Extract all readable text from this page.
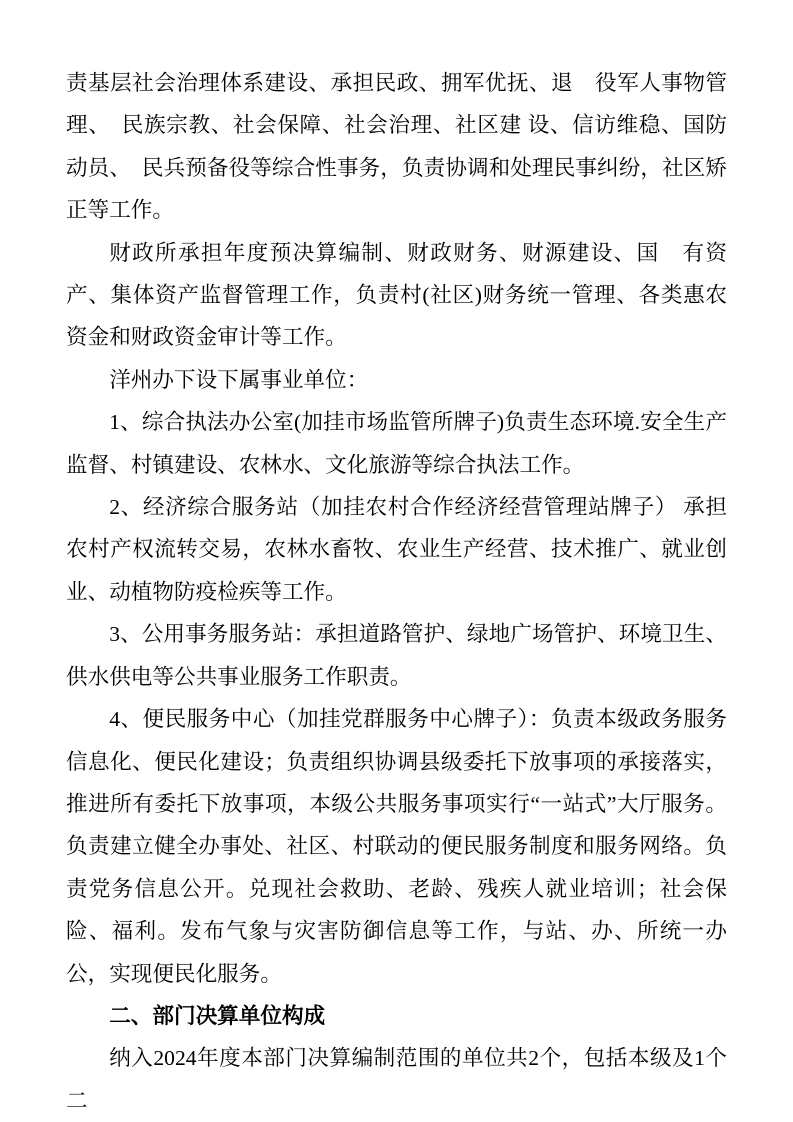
责基层社会治理体系建设、承担民政、拥军优抚、退　役军人事物管理、　民族宗教、社会保障、社会治理、社区建 设、信访维稳、国防动员、　民兵预备役等综合性事务，负责协调和处理民事纠纷，社区矫正等工作。

财政所承担年度预决算编制、财政财务、财源建设、国　有资产、集体资产监督管理工作，负责村(社区)财务统一管理、各类惠农资金和财政资金审计等工作。

洋州办下设下属事业单位：

1、综合执法办公室(加挂市场监管所牌子)负责生态环境.安全生产监督、村镇建设、农林水、文化旅游等综合执法工作。

2、经济综合服务站（加挂农村合作经济经营管理站牌子） 承担农村产权流转交易，农林水畜牧、农业生产经营、技术推广、就业创业、动植物防疫检疾等工作。

3、公用事务服务站：承担道路管护、绿地广场管护、环境卫生、供水供电等公共事业服务工作职责。

4、便民服务中心（加挂党群服务中心牌子）：负责本级政务服务信息化、便民化建设；负责组织协调县级委托下放事项的承接落实，推进所有委托下放事项，本级公共服务事项实行“一站式”大厅服务。负责建立健全办事处、社区、村联动的便民服务制度和服务网络。负责党务信息公开。兑现社会救助、老龄、残疾人就业培训；社会保险、福利。发布气象与灾害防御信息等工作，与站、办、所统一办公，实现便民化服务。

二、部门决算单位构成

纳入2024年度本部门决算编制范围的单位共2个，包括本级及1个二
